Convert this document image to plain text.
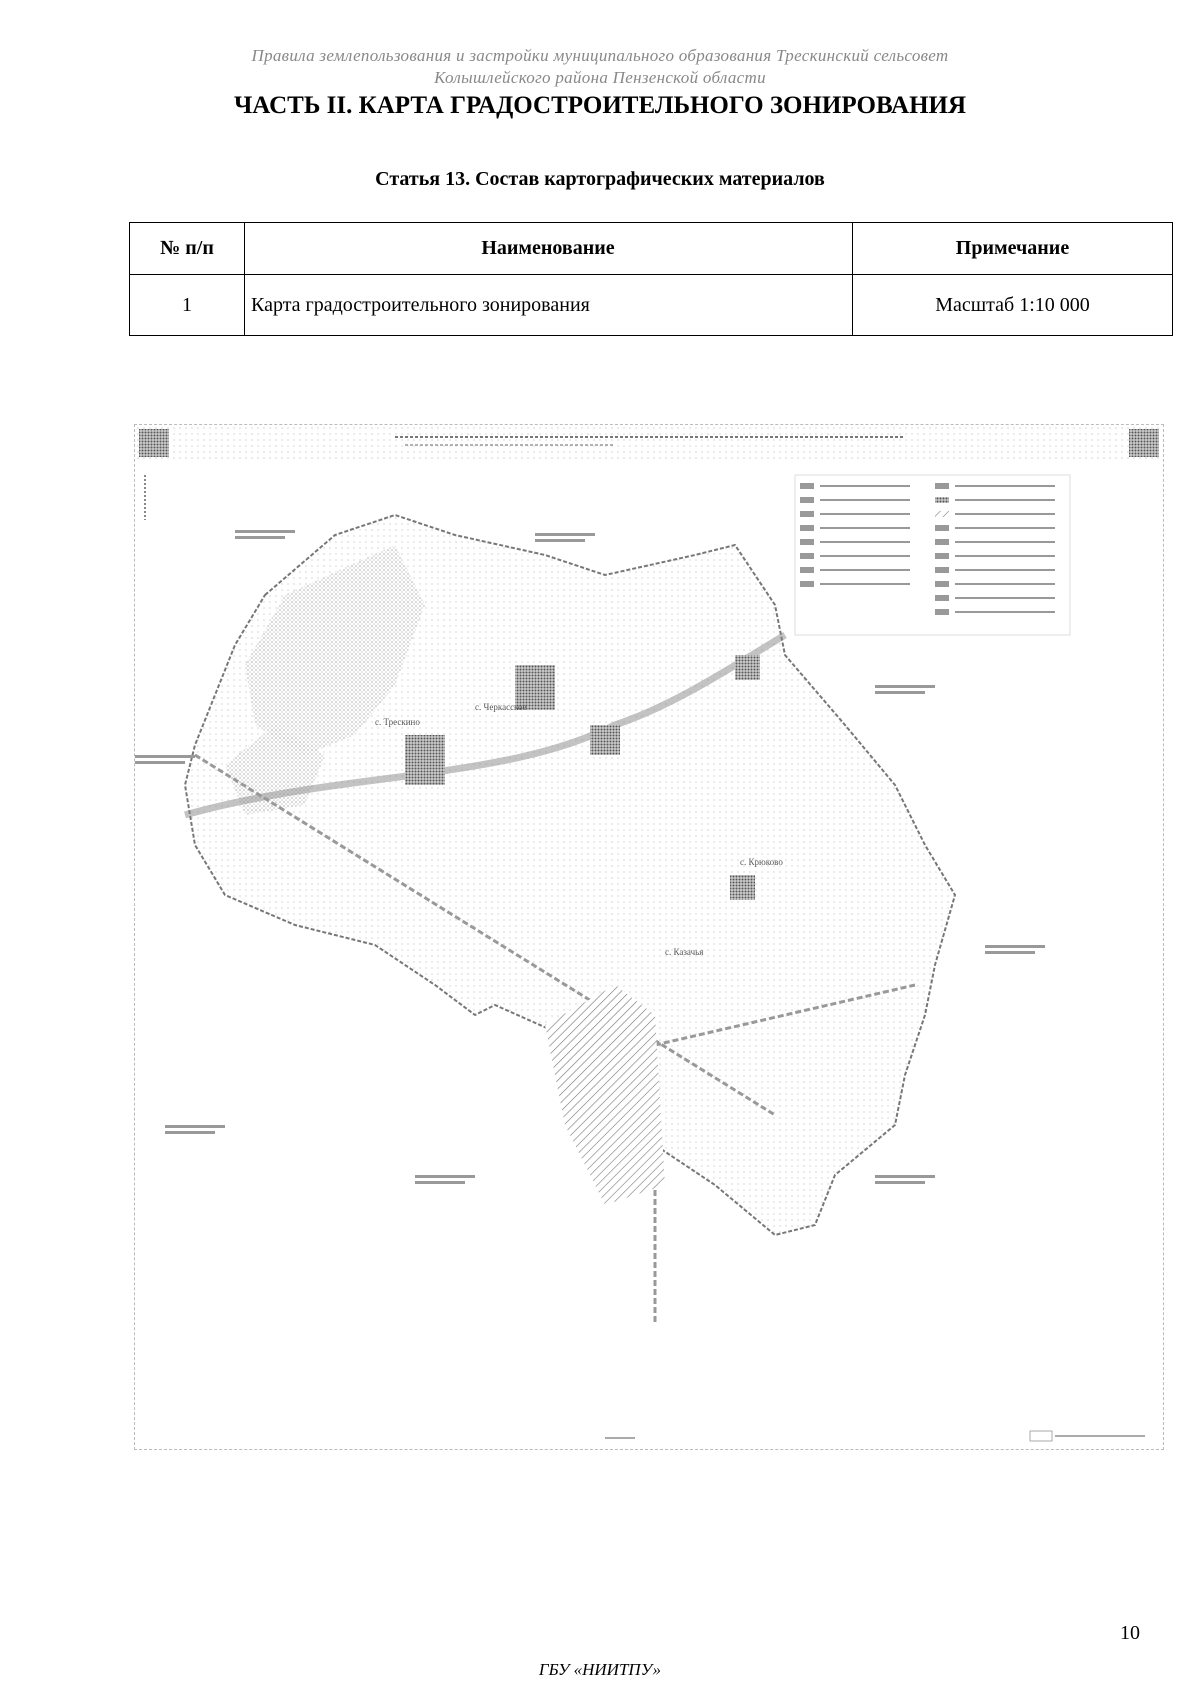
Правила землепользования и застройки муниципального образования Трескинский сельсовет
Колышлейского района Пензенской области
ЧАСТЬ II. КАРТА ГРАДОСТРОИТЕЛЬНОГО ЗОНИРОВАНИЯ
Статья 13. Состав картографических материалов
№ п/п	Наименование	Примечание
1	Карта градостроительного зонирования	Масштаб 1:10 000
с. Трескино
с. Черкасское
с. Крюково
с. Казачья
10
ГБУ «НИИТПУ»
